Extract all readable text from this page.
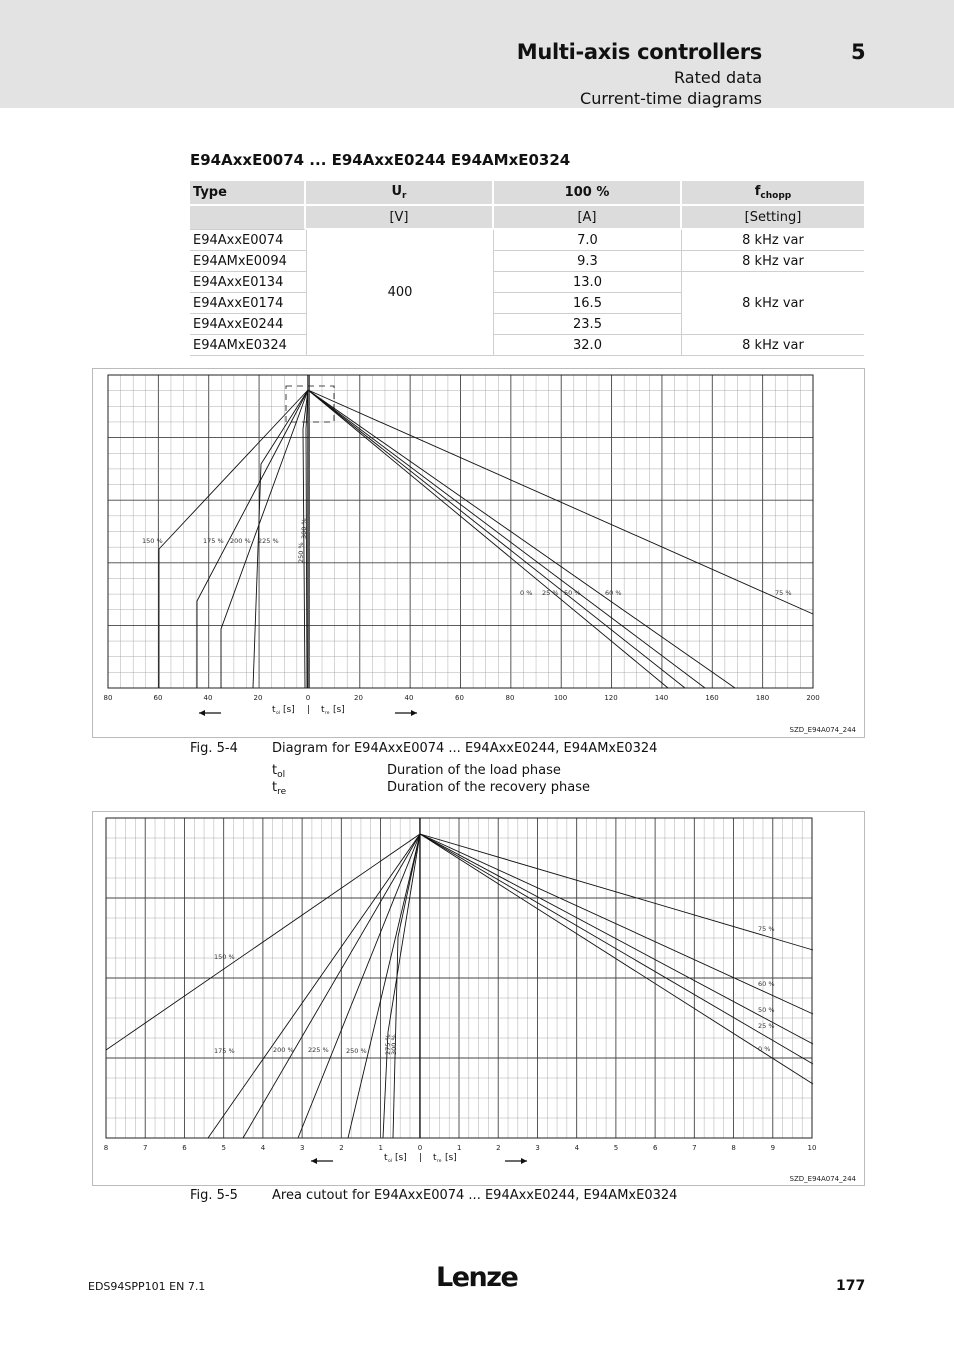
Multi-axis controllers	5
Rated data
Current-time diagrams
E94AxxE0074 ... E94AxxE0244 E94AMxE0324
Type	$U_r$	100 %	$f_{chopp}$
	[V]	[A]	[Setting]
E94AxxE0074	400	7.0	8 kHz var
E94AMxE0094		9.3	8 kHz var
E94AxxE0134		13.0	8 kHz var
E94AxxE0174		16.5	
E94AxxE0244		23.5	
E94AMxE0324		32.0	8 kHz var
80	60	40	20	0	20	40	60	80	100	120	140	160	180	200
150 %	175 % 200 % 225 %
250 %
300 %
0 % 25 % 50 %	60 %	75 %
t ol [s] | t re [s]
SZD_E94A074_244
Fig. 5-4	Diagram for E94AxxE0074 ... E94AxxE0244, E94AMxE0324
$t_{ol}$	Duration of the load phase
$t_{re}$	Duration of the recovery phase
8	7	6	5	4	3	2	1	0	1	2	3	4	5	6	7	8	9	10
150 %
175 %	200 % 225 %	250 %	275 %
300 %
75 %
60 %
50 %
25 %
0 %
t ol [s] | t re [s]
SZD_E94A074_244
Fig. 5-5	Area cutout for E94AxxE0074 ... E94AxxE0244, E94AMxE0324
EDS94SPP101 EN 7.1	Lenze	177
